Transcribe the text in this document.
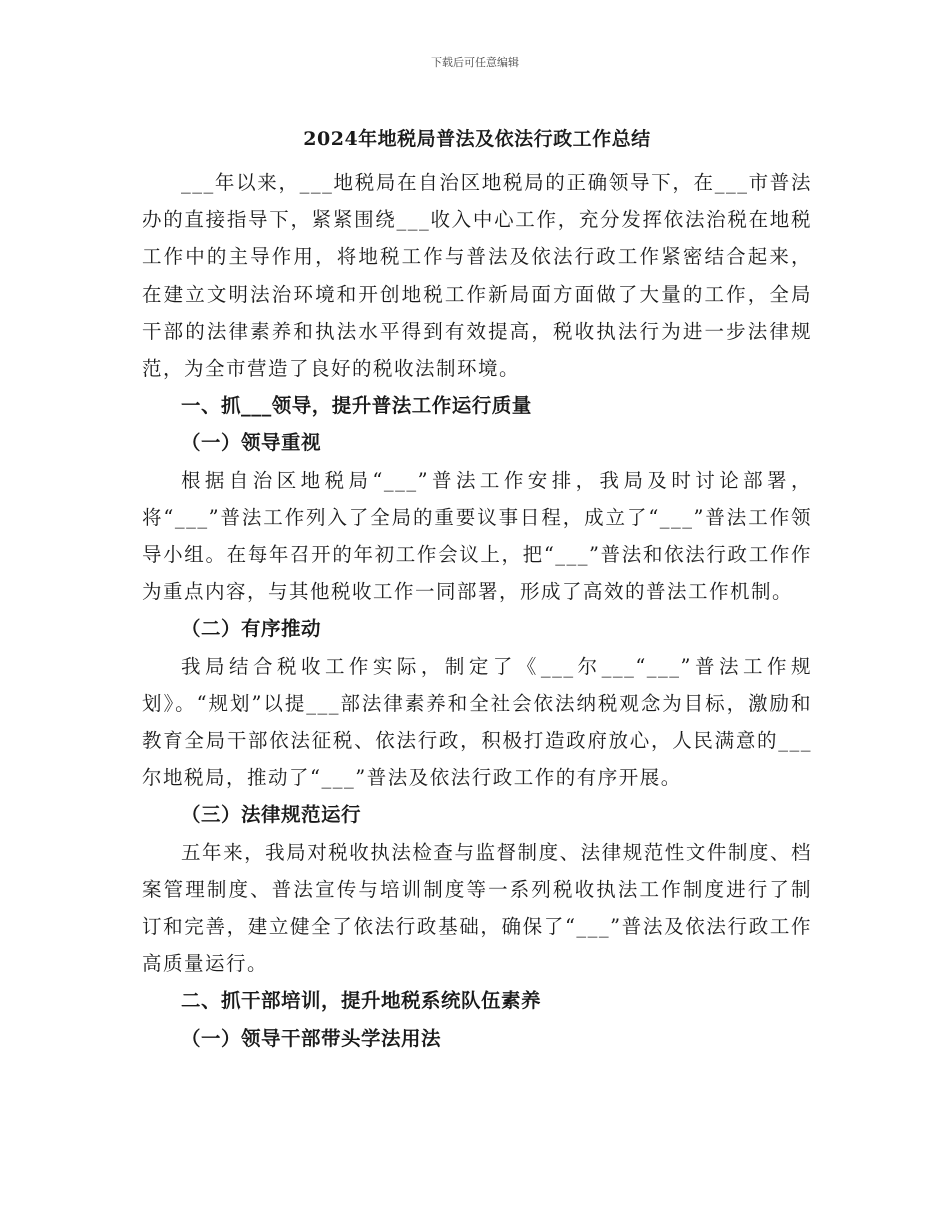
下载后可任意编辑
2024年地税局普法及依法行政工作总结

___年以来，___地税局在自治区地税局的正确领导下，在___市普法办的直接指导下，紧紧围绕___收入中心工作，充分发挥依法治税在地税工作中的主导作用，将地税工作与普法及依法行政工作紧密结合起来，在建立文明法治环境和开创地税工作新局面方面做了大量的工作，全局干部的法律素养和执法水平得到有效提高，税收执法行为进一步法律规范，为全市营造了良好的税收法制环境。

一、抓___领导，提升普法工作运行质量
（一）领导重视

根据自治区地税局“___”普法工作安排，我局及时讨论部署，将“___”普法工作列入了全局的重要议事日程，成立了“___”普法工作领导小组。在每年召开的年初工作会议上，把“___”普法和依法行政工作作为重点内容，与其他税收工作一同部署，形成了高效的普法工作机制。

（二）有序推动

我局结合税收工作实际，制定了《___尔___“___”普法工作规划》。“规划”以提___部法律素养和全社会依法纳税观念为目标，激励和教育全局干部依法征税、依法行政，积极打造政府放心，人民满意的___尔地税局，推动了“___”普法及依法行政工作的有序开展。

（三）法律规范运行

五年来，我局对税收执法检查与监督制度、法律规范性文件制度、档案管理制度、普法宣传与培训制度等一系列税收执法工作制度进行了制订和完善，建立健全了依法行政基础，确保了“___”普法及依法行政工作高质量运行。

二、抓干部培训，提升地税系统队伍素养
（一）领导干部带头学法用法
